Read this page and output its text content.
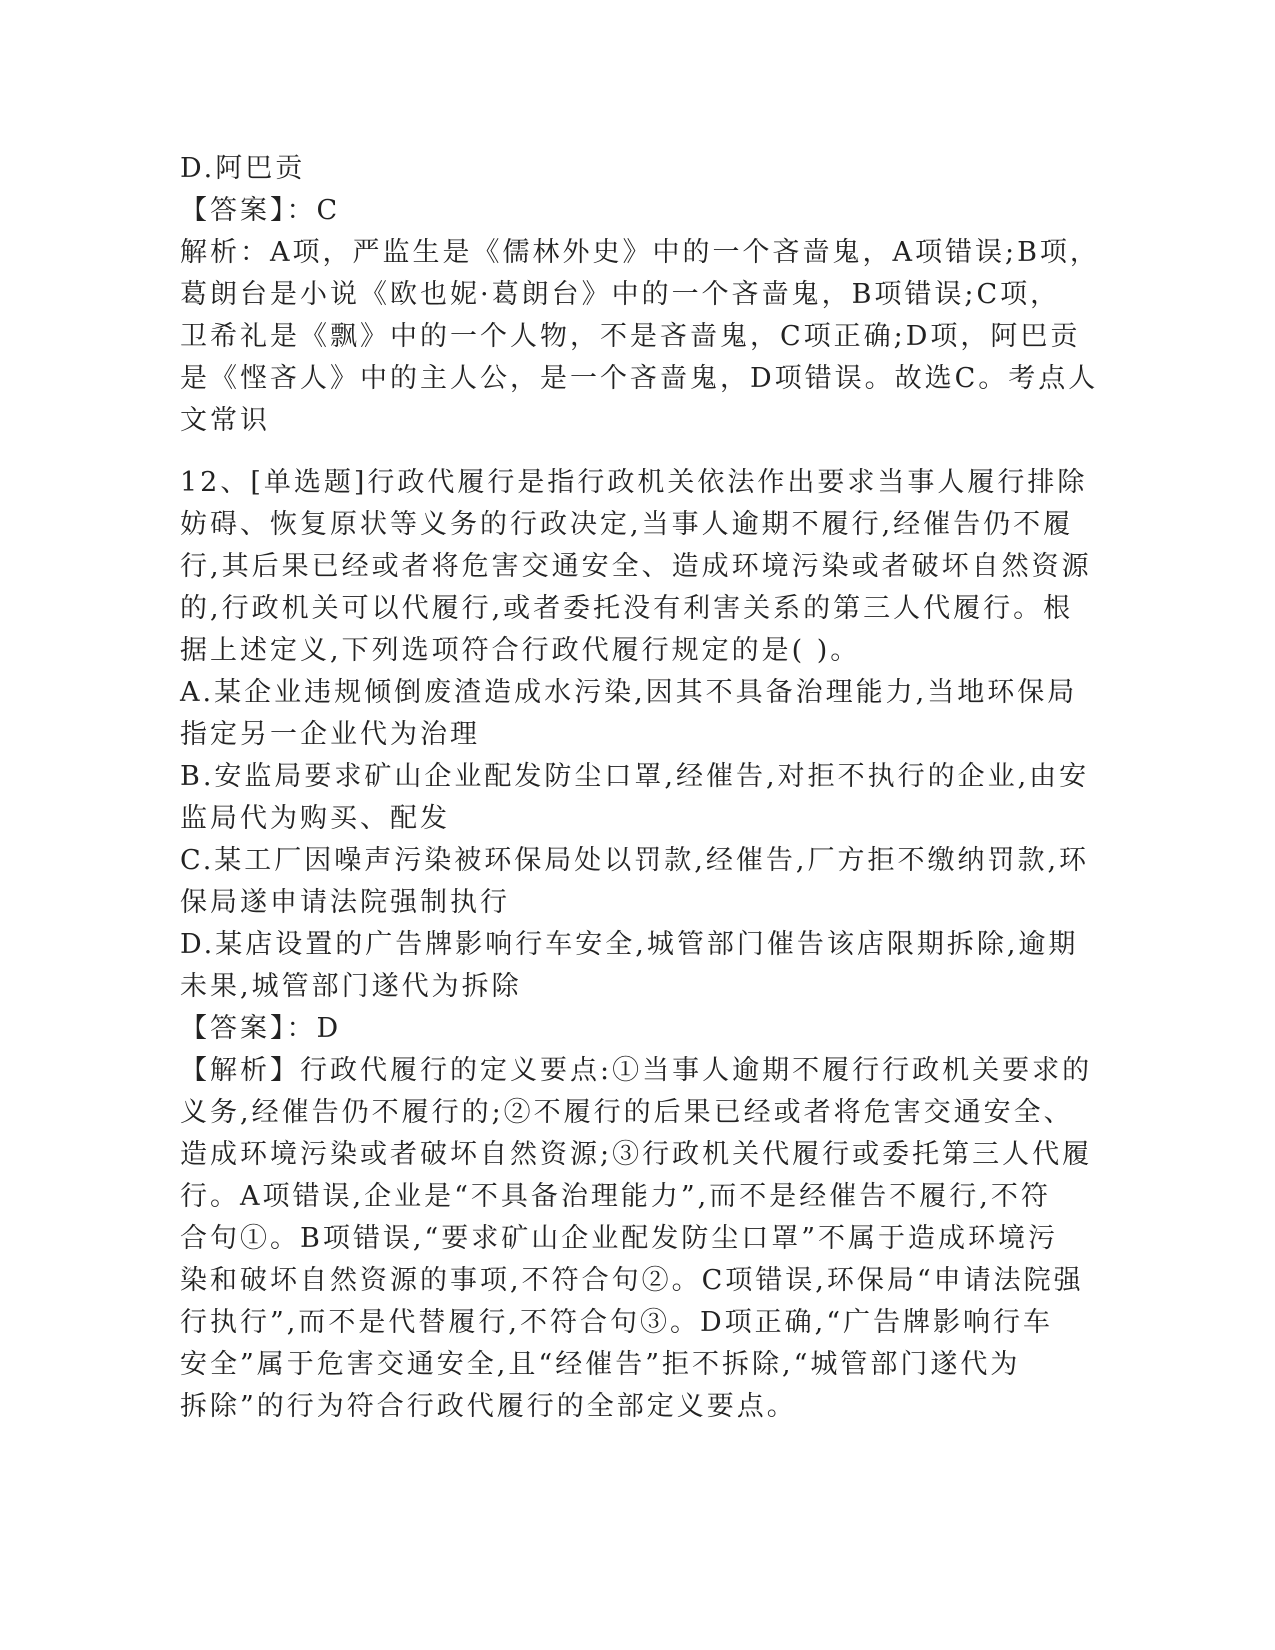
D.阿巴贡
【答案】：C
解析：A项，严监生是《儒林外史》中的一个吝啬鬼，A项错误;B项，
葛朗台是小说《欧也妮·葛朗台》中的一个吝啬鬼，B项错误;C项，
卫希礼是《飘》中的一个人物，不是吝啬鬼，C项正确;D项，阿巴贡
是《悭吝人》中的主人公，是一个吝啬鬼，D项错误。故选C。考点人
文常识
12、[单选题]行政代履行是指行政机关依法作出要求当事人履行排除
妨碍、恢复原状等义务的行政决定,当事人逾期不履行,经催告仍不履
行,其后果已经或者将危害交通安全、造成环境污染或者破坏自然资源
的,行政机关可以代履行,或者委托没有利害关系的第三人代履行。根
据上述定义,下列选项符合行政代履行规定的是( )。
A.某企业违规倾倒废渣造成水污染,因其不具备治理能力,当地环保局
指定另一企业代为治理
B.安监局要求矿山企业配发防尘口罩,经催告,对拒不执行的企业,由安
监局代为购买、配发
C.某工厂因噪声污染被环保局处以罚款,经催告,厂方拒不缴纳罚款,环
保局遂申请法院强制执行
D.某店设置的广告牌影响行车安全,城管部门催告该店限期拆除,逾期
未果,城管部门遂代为拆除
【答案】：D
【解析】行政代履行的定义要点:①当事人逾期不履行行政机关要求的
义务,经催告仍不履行的;②不履行的后果已经或者将危害交通安全、
造成环境污染或者破坏自然资源;③行政机关代履行或委托第三人代履
行。A项错误,企业是“不具备治理能力”,而不是经催告不履行,不符
合句①。B项错误,“要求矿山企业配发防尘口罩”不属于造成环境污
染和破坏自然资源的事项,不符合句②。C项错误,环保局“申请法院强
行执行”,而不是代替履行,不符合句③。D项正确,“广告牌影响行车
安全”属于危害交通安全,且“经催告”拒不拆除,“城管部门遂代为
拆除”的行为符合行政代履行的全部定义要点。
